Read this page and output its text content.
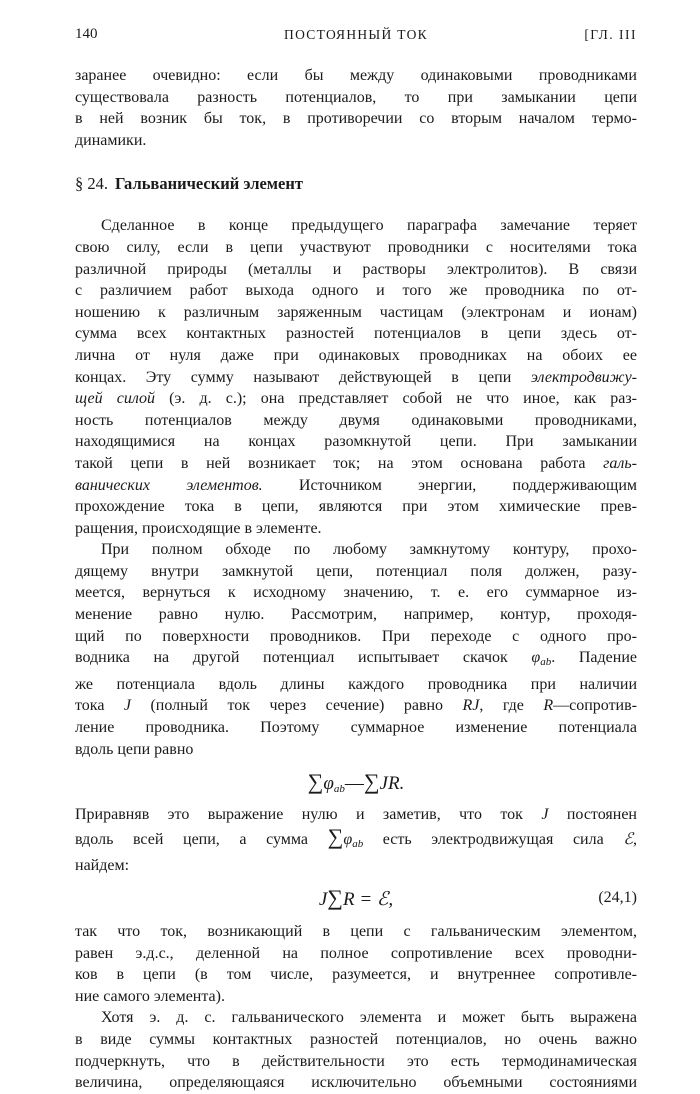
140	ПОСТОЯННЫЙ ТОК	[ГЛ. III
заранее очевидно: если бы между одинаковыми проводниками
существовала разность потенциалов, то при замыкании цепи
в ней возник бы ток, в противоречии со вторым началом термо-
динамики.
§ 24. Гальванический элемент
Сделанное в конце предыдущего параграфа замечание теряет
свою силу, если в цепи участвуют проводники с носителями тока
различной природы (металлы и растворы электролитов). В связи
с различием работ выхода одного и того же проводника по от-
ношению к различным заряженным частицам (электронам и ионам)
сумма всех контактных разностей потенциалов в цепи здесь от-
лична от нуля даже при одинаковых проводниках на обоих ее
концах. Эту сумму называют действующей в цепи электродвижу-
щей силой (э. д. с.); она представляет собой не что иное, как раз-
ность потенциалов между двумя одинаковыми проводниками,
находящимися на концах разомкнутой цепи. При замыкании
такой цепи в ней возникает ток; на этом основана работа галь-
ванических элементов. Источником энергии, поддерживающим
прохождение тока в цепи, являются при этом химические прев-
ращения, происходящие в элементе.
При полном обходе по любому замкнутому контуру, прохо-
дящему внутри замкнутой цепи, потенциал поля должен, разу-
меется, вернуться к исходному значению, т. е. его суммарное из-
менение равно нулю. Рассмотрим, например, контур, проходя-
щий по поверхности проводников. При переходе с одного про-
водника на другой потенциал испытывает скачок $\varphi_{ab}$. Падение
же потенциала вдоль длины каждого проводника при наличии
тока J (полный ток через сечение) равно RJ, где R—сопротив-
ление проводника. Поэтому суммарное изменение потенциала
вдоль цепи равно
$\sum\varphi_{ab}—\sum JR$.
Приравняв это выражение нулю и заметив, что ток J постоянен
вдоль всей цепи, а сумма $\sum\varphi_{ab}$ есть электродвижущая сила ℰ,
найдем:
J∑R = ℰ,	(24,1)
так что ток, возникающий в цепи с гальваническим элементом,
равен э.д.с., деленной на полное сопротивление всех проводни-
ков в цепи (в том числе, разумеется, и внутреннее сопротивле-
ние самого элемента).
Хотя э. д. с. гальванического элемента и может быть выражена
в виде суммы контактных разностей потенциалов, но очень важно
подчеркнуть, что в действительности это есть термодинамическая
величина, определяющаяся исключительно объемными состояниями
